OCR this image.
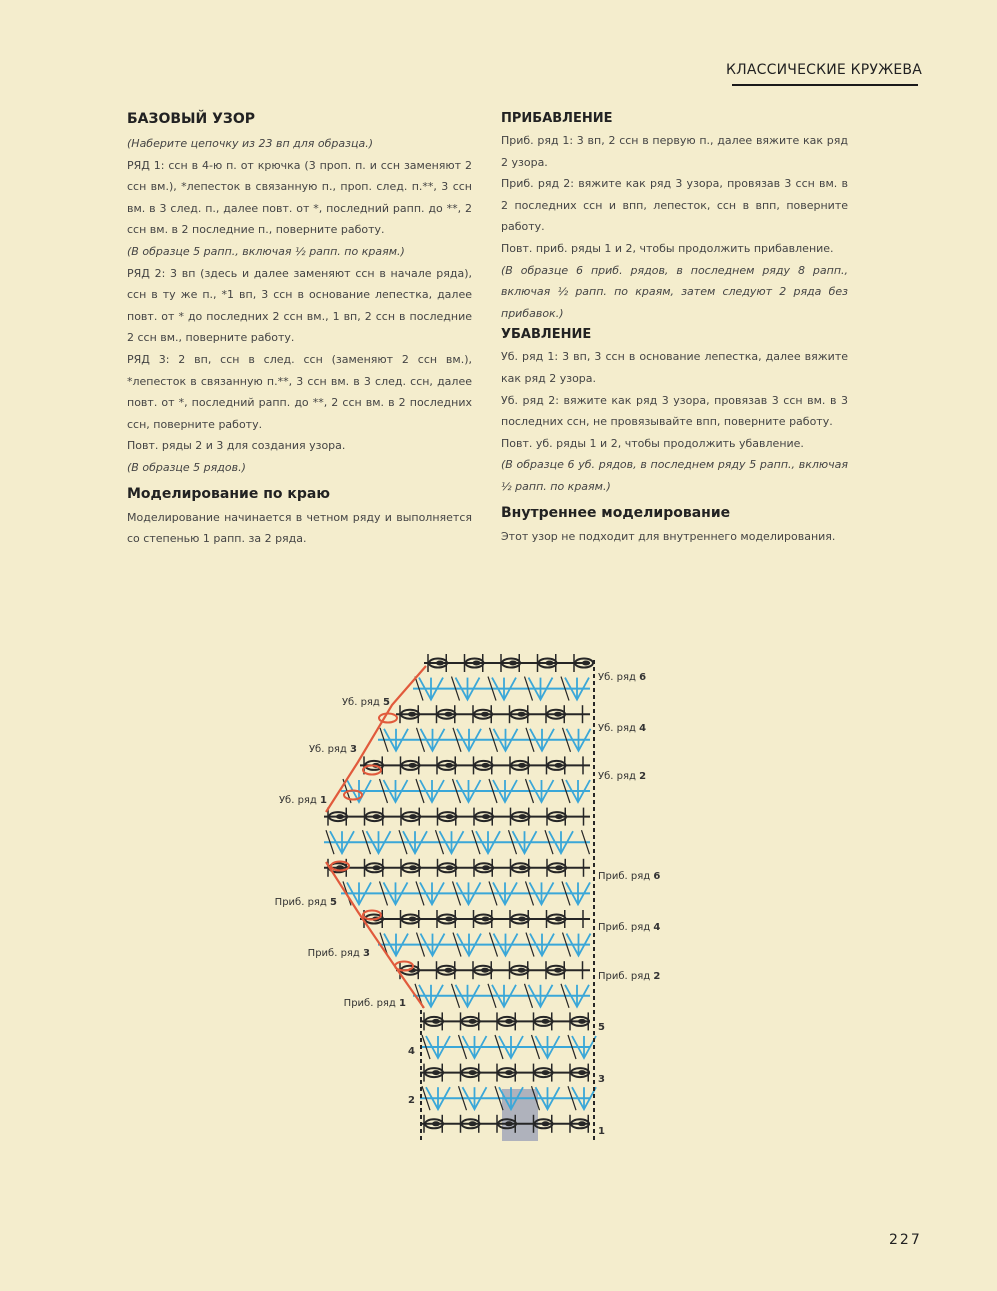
КЛАССИЧЕСКИЕ КРУЖЕВА
БАЗОВЫЙ УЗОР

(Наберите цепочку из 23 вп для образца.)

РЯД 1: ссн в 4-ю п. от крючка (3 проп. п. и ссн заменяют 2 ссн вм.), *лепесток в связанную п., проп. след. п.**, 3 ссн вм. в 3 след. п., далее повт. от *, последний рапп. до **, 2 ссн вм. в 2 последние п., поверните работу.

(В образце 5 рапп., включая ½ рапп. по краям.)

РЯД 2: 3 вп (здесь и далее заменяют ссн в начале ряда), ссн в ту же п., *1 вп, 3 ссн в основание лепестка, далее повт. от * до последних 2 ссн вм., 1 вп, 2 ссн в последние 2 ссн вм., поверните работу.

РЯД 3: 2 вп, ссн в след. ссн (заменяют 2 ссн вм.), *лепесток в связанную п.**, 3 ссн вм. в 3 след. ссн, далее повт. от *, последний рапп. до **, 2 ссн вм. в 2 последних ссн, поверните работу.

Повт. ряды 2 и 3 для создания узора.

(В образце 5 рядов.)

Моделирование по краю

Моделирование начинается в четном ряду и выполняется со степенью 1 рапп. за 2 ряда.

ПРИБАВЛЕНИЕ

Приб. ряд 1: 3 вп, 2 ссн в первую п., далее вяжите как ряд 2 узора.

Приб. ряд 2: вяжите как ряд 3 узора, провязав 3 ссн вм. в 2 последних ссн и впп, лепесток, ссн в впп, поверните работу.

Повт. приб. ряды 1 и 2, чтобы продолжить прибавление.

(В образце 6 приб. рядов, в последнем ряду 8 рапп., включая ½ рапп. по краям, затем следуют 2 ряда без прибавок.)

УБАВЛЕНИЕ

Уб. ряд 1: 3 вп, 3 ссн в основание лепестка, далее вяжите как ряд 2 узора.

Уб. ряд 2: вяжите как ряд 3 узора, провязав 3 ссн вм. в 3 последних ссн, не провязывайте впп, поверните работу.

Повт. уб. ряды 1 и 2, чтобы продолжить убавление.

(В образце 6 уб. рядов, в последнем ряду 5 рапп., включая ½ рапп. по краям.)

Внутреннее моделирование

Этот узор не подходит для внутреннего моделирования.

Уб. ряд 5
Уб. ряд 3
Уб. ряд 1
Приб. ряд 5
Приб. ряд 3
Приб. ряд 1
4
2
Уб. ряд 6
Уб. ряд 4
Уб. ряд 2
Приб. ряд 6
Приб. ряд 4
Приб. ряд 2
5
3
1
227
